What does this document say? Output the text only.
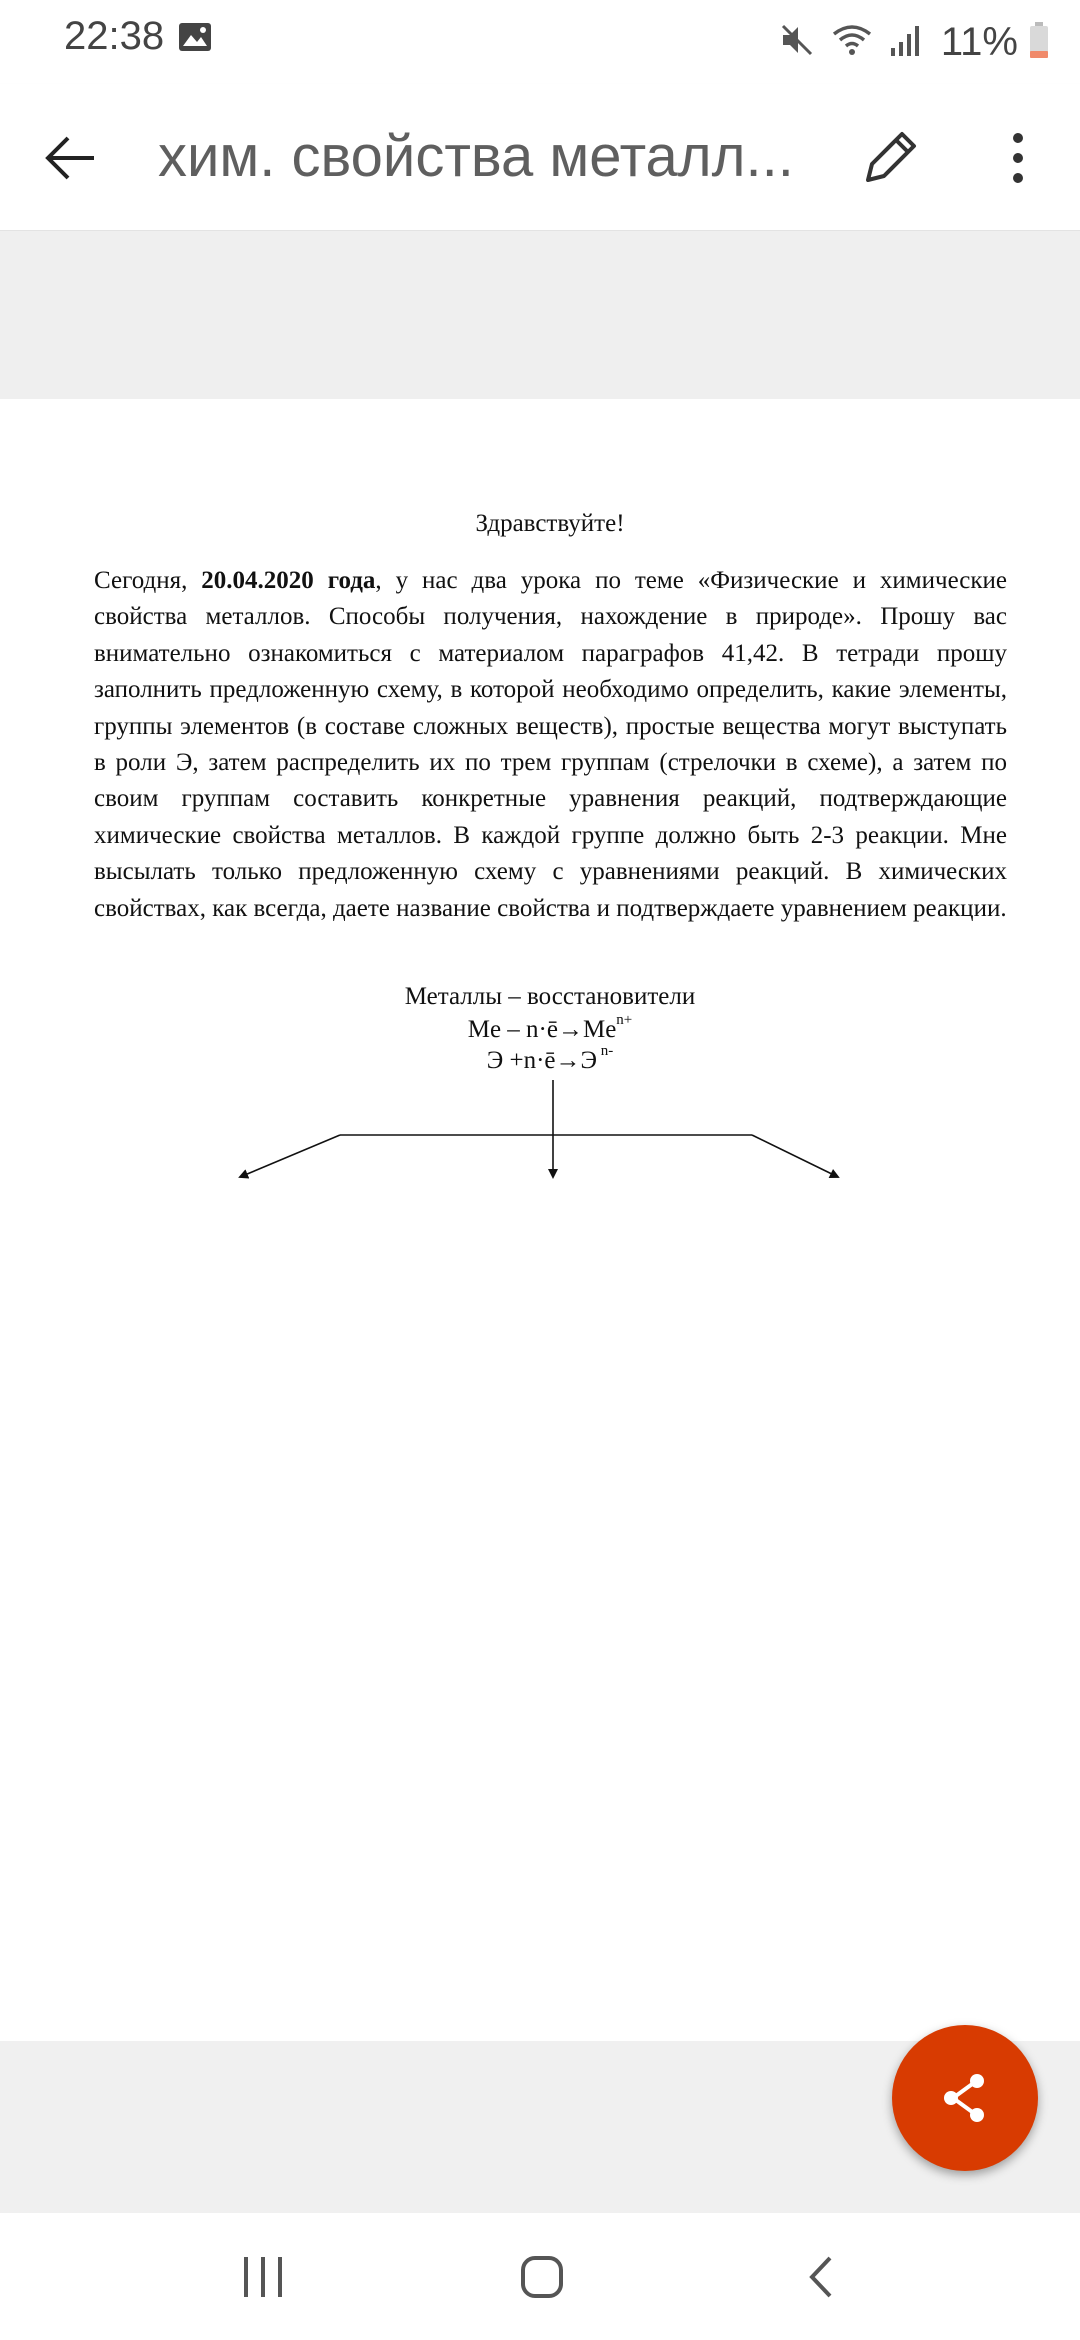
22:38	11%
хим. свойства металл...
Здравствуйте!
Сегодня, 20.04.2020 года, у нас два урока по теме «Физические и химические свойства металлов. Способы получения, нахождение в природе». Прошу вас внимательно ознакомиться с материалом параграфов 41,42. В тетради прошу заполнить предложенную схему, в которой необходимо определить, какие элементы, группы элементов (в составе сложных веществ), простые вещества могут выступать в роли Э, затем распределить их по трем группам (стрелочки в схеме), а затем по своим группам составить конкретные уравнения реакций, подтверждающие химические свойства металлов. В каждой группе должно быть 2-3 реакции. Мне высылать только предложенную схему с уравнениями реакций. В химических свойствах, как всегда, даете название свойства и подтверждаете уравнением реакции.
Металлы – восстановители
$Me - n\cdot ē\to Me^{n+}$
Э +n·ē→Э $^{n-}$
